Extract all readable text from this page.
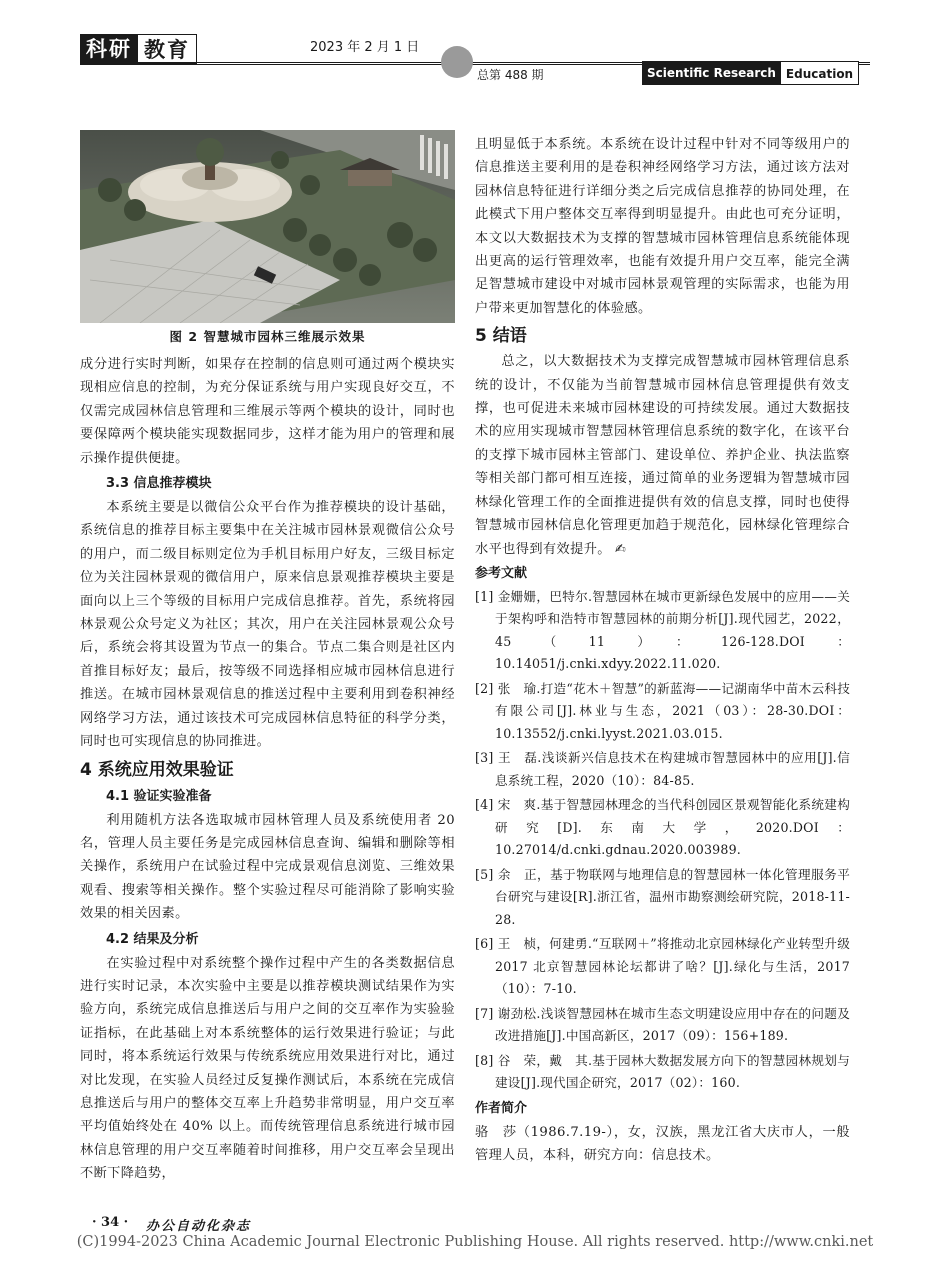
科研 教育	2023 年 2 月 1 日
总第 488 期	Scientific Research Education
图 2 智慧城市园林三维展示效果

成分进行实时判断，如果存在控制的信息则可通过两个模块实现相应信息的控制，为充分保证系统与用户实现良好交互，不仅需完成园林信息管理和三维展示等两个模块的设计，同时也要保障两个模块能实现数据同步，这样才能为用户的管理和展示操作提供便捷。

3.3 信息推荐模块

本系统主要是以微信公众平台作为推荐模块的设计基础，系统信息的推荐目标主要集中在关注城市园林景观微信公众号的用户，而二级目标则定位为手机目标用户好友，三级目标定位为关注园林景观的微信用户，原来信息景观推荐模块主要是面向以上三个等级的目标用户完成信息推荐。首先，系统将园林景观公众号定义为社区；其次，用户在关注园林景观公众号后，系统会将其设置为节点一的集合。节点二集合则是社区内首推目标好友；最后，按等级不同选择相应城市园林信息进行推送。在城市园林景观信息的推送过程中主要利用到卷积神经网络学习方法，通过该技术可完成园林信息特征的科学分类，同时也可实现信息的协同推进。

4 系统应用效果验证
4.1 验证实验准备

利用随机方法各选取城市园林管理人员及系统使用者 20 名，管理人员主要任务是完成园林信息查询、编辑和删除等相关操作，系统用户在试验过程中完成景观信息浏览、三维效果观看、搜索等相关操作。整个实验过程尽可能消除了影响实验效果的相关因素。

4.2 结果及分析

在实验过程中对系统整个操作过程中产生的各类数据信息进行实时记录，本次实验中主要是以推荐模块测试结果作为实验方向，系统完成信息推送后与用户之间的交互率作为实验验证指标，在此基础上对本系统整体的运行效果进行验证；与此同时，将本系统运行效果与传统系统应用效果进行对比，通过对比发现，在实验人员经过反复操作测试后，本系统在完成信息推送后与用户的整体交互率上升趋势非常明显，用户交互率平均值始终处在 40% 以上。而传统管理信息系统进行城市园林信息管理的用户交互率随着时间推移，用户交互率会呈现出不断下降趋势，

且明显低于本系统。本系统在设计过程中针对不同等级用户的信息推送主要利用的是卷积神经网络学习方法，通过该方法对园林信息特征进行详细分类之后完成信息推荐的协同处理，在此模式下用户整体交互率得到明显提升。由此也可充分证明，本文以大数据技术为支撑的智慧城市园林管理信息系统能体现出更高的运行管理效率，也能有效提升用户交互率，能完全满足智慧城市建设中对城市园林景观管理的实际需求，也能为用户带来更加智慧化的体验感。

5 结语

总之，以大数据技术为支撑完成智慧城市园林管理信息系统的设计，不仅能为当前智慧城市园林信息管理提供有效支撑，也可促进未来城市园林建设的可持续发展。通过大数据技术的应用实现城市智慧园林管理信息系统的数字化，在该平台的支撑下城市园林主管部门、建设单位、养护企业、执法监察等相关部门都可相互连接，通过简单的业务逻辑为智慧城市园林绿化管理工作的全面推进提供有效的信息支撑，同时也使得智慧城市园林信息化管理更加趋于规范化，园林绿化管理综合水平也得到有效提升。 ✍

参考文献

[1] 金姗姗，巴特尔.智慧园林在城市更新绿色发展中的应用——关于架构呼和浩特市智慧园林的前期分析[J].现代园艺，2022，45（11）：126-128.DOI：10.14051/j.cnki.xdyy.2022.11.020.

[2] 张　瑜.打造“花木＋智慧”的新蓝海——记湖南华中苗木云科技有限公司[J].林业与生态，2021（03）：28-30.DOI：10.13552/j.cnki.lyyst.2021.03.015.

[3] 王　磊.浅谈新兴信息技术在构建城市智慧园林中的应用[J].信息系统工程，2020（10）：84-85.

[4] 宋　爽.基于智慧园林理念的当代科创园区景观智能化系统建构研究[D].东南大学，2020.DOI：10.27014/d.cnki.gdnau.2020.003989.

[5] 余　正，基于物联网与地理信息的智慧园林一体化管理服务平台研究与建设[R].浙江省，温州市勘察测绘研究院，2018-11-28.

[6] 王　桢，何建勇.“互联网＋”将推动北京园林绿化产业转型升级 2017 北京智慧园林论坛都讲了啥？[J].绿化与生活，2017（10）：7-10.

[7] 谢劲松.浅谈智慧园林在城市生态文明建设应用中存在的问题及改进措施[J].中国高新区，2017（09）：156+189.

[8] 谷　荣，戴　其.基于园林大数据发展方向下的智慧园林规划与建设[J].现代国企研究，2017（02）：160.

作者简介

骆　莎（1986.7.19-），女，汉族，黑龙江省大庆市人，一般管理人员，本科，研究方向：信息技术。

· 34 · 办公自动化杂志
(C)1994-2023 China Academic Journal Electronic Publishing House. All rights reserved. http://www.cnki.net
